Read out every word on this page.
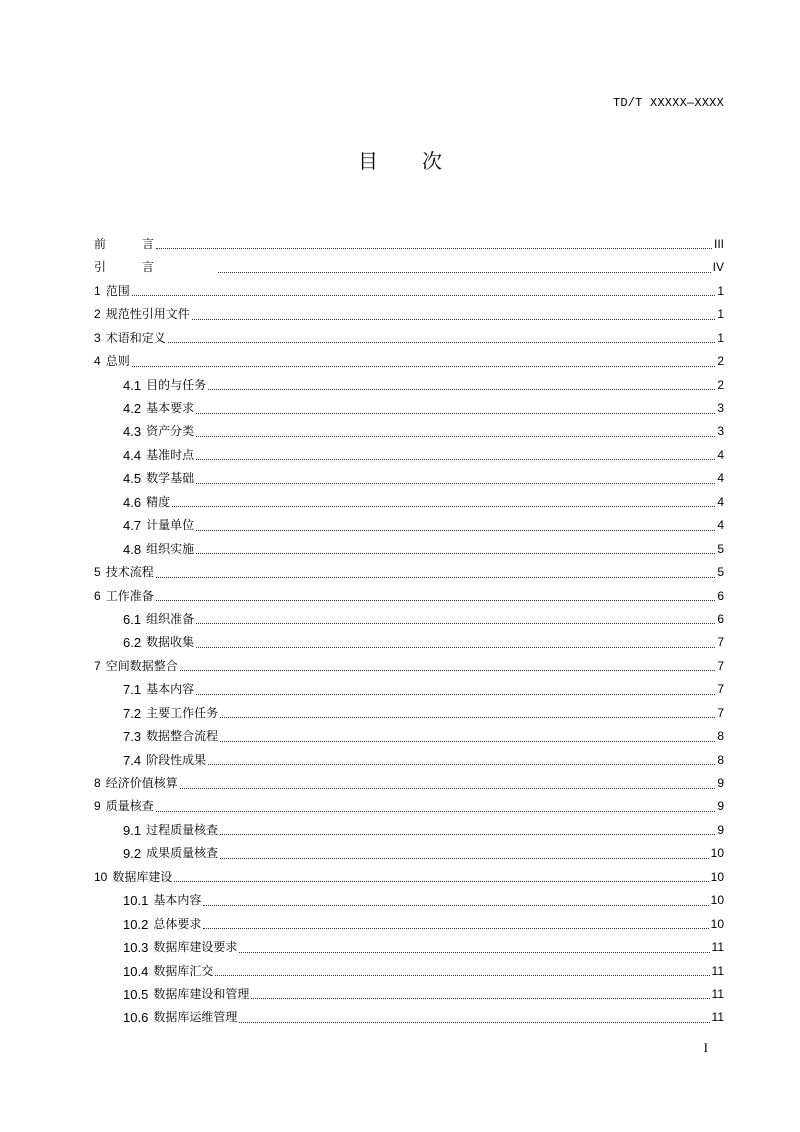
TD/T XXXXX—XXXX
目 次
前　　　言	III
引　　　言	IV
1 范围	1
2 规范性引用文件	1
3 术语和定义	1
4 总则	2
4.1 目的与任务	2
4.2 基本要求	3
4.3 资产分类	3
4.4 基准时点	4
4.5 数学基础	4
4.6 精度	4
4.7 计量单位	4
4.8 组织实施	5
5 技术流程	5
6 工作准备	6
6.1 组织准备	6
6.2 数据收集	7
7 空间数据整合	7
7.1 基本内容	7
7.2 主要工作任务	7
7.3 数据整合流程	8
7.4 阶段性成果	8
8 经济价值核算	9
9 质量核查	9
9.1 过程质量核查	9
9.2 成果质量核查	10
10 数据库建设	10
10.1 基本内容	10
10.2 总体要求	10
10.3 数据库建设要求	11
10.4 数据库汇交	11
10.5 数据库建设和管理	11
10.6 数据库运维管理	11
I
